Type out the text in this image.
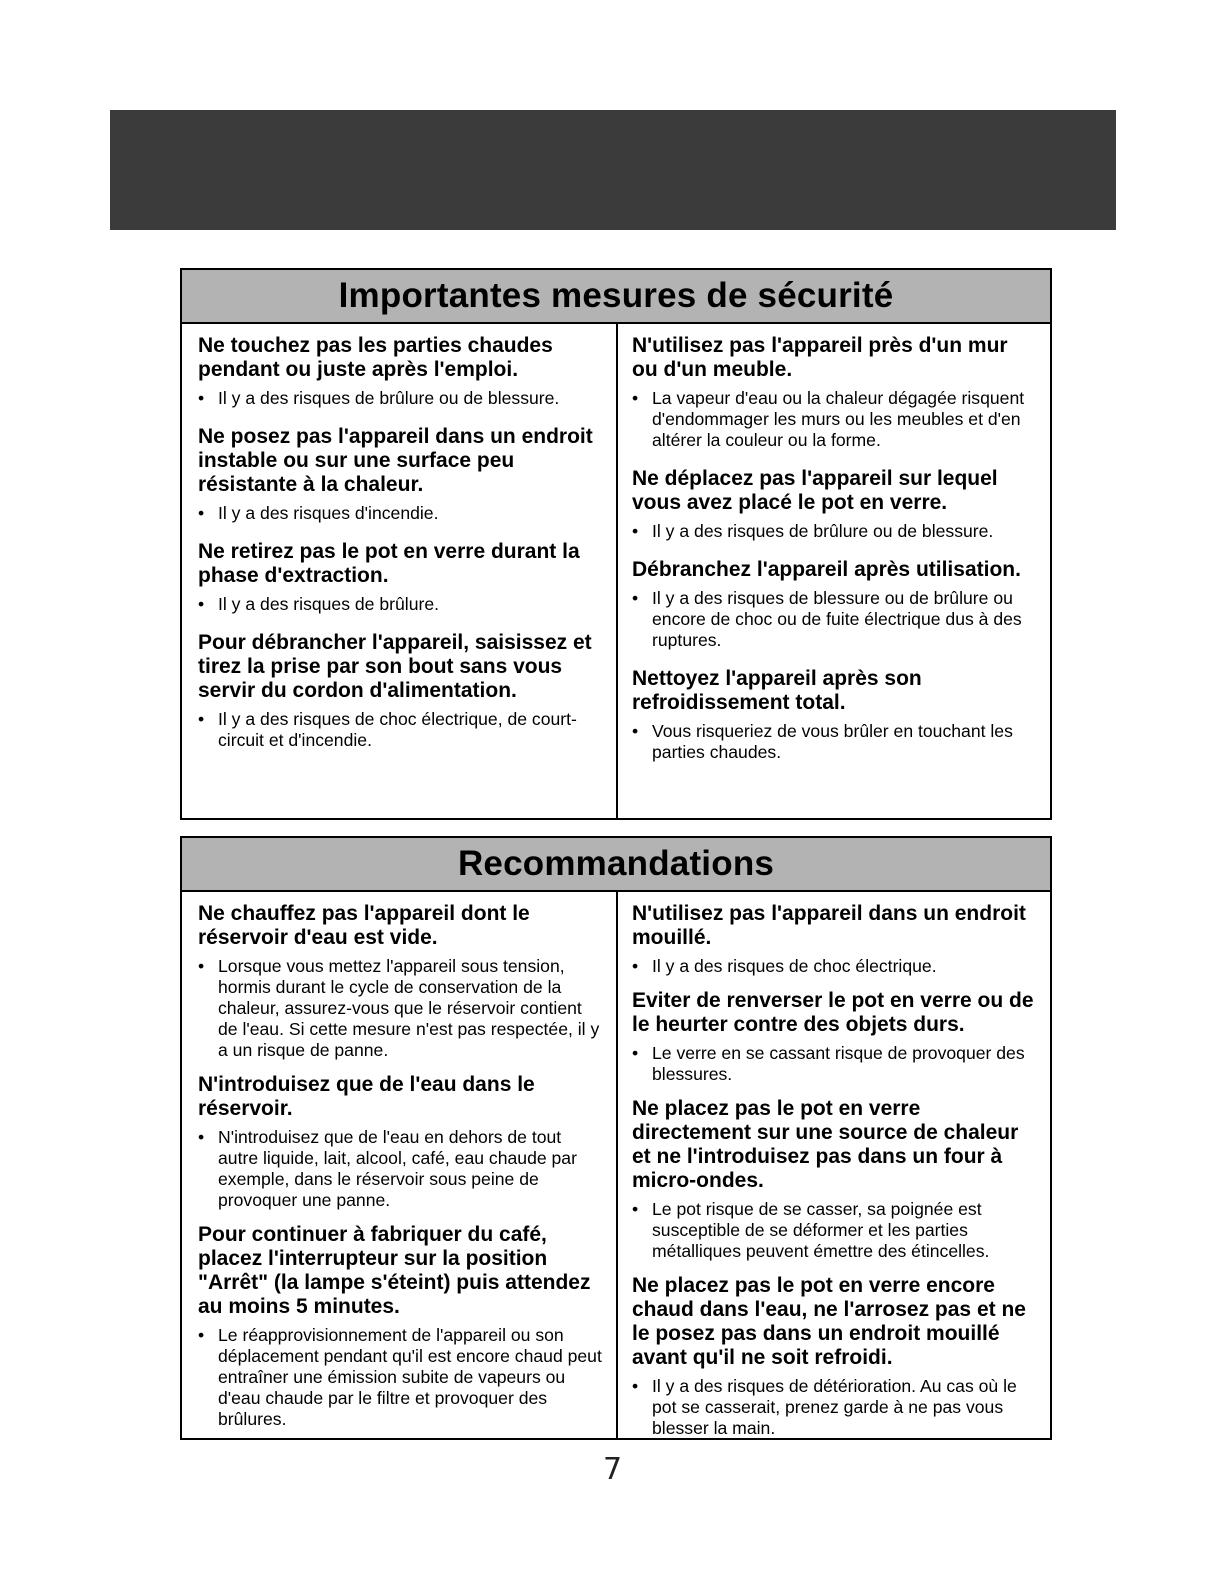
Importantes mesures de sécurité

Ne touchez pas les parties chaudes pendant ou juste après l'emploi.

• Il y a des risques de brûlure ou de blessure.

Ne posez pas l'appareil dans un endroit instable ou sur une surface peu résistante à la chaleur.

• Il y a des risques d'incendie.

Ne retirez pas le pot en verre durant la phase d'extraction.

• Il y a des risques de brûlure.

Pour débrancher l'appareil, saisissez et tirez la prise par son bout sans vous servir du cordon d'alimentation.

• Il y a des risques de choc électrique, de court-circuit et d'incendie.

N'utilisez pas l'appareil près d'un mur ou d'un meuble.

• La vapeur d'eau ou la chaleur dégagée risquent d'endommager les murs ou les meubles et d'en altérer la couleur ou la forme.

Ne déplacez pas l'appareil sur lequel vous avez placé le pot en verre.

• Il y a des risques de brûlure ou de blessure.

Débranchez l'appareil après utilisation.

• Il y a des risques de blessure ou de brûlure ou encore de choc ou de fuite électrique dus à des ruptures.

Nettoyez l'appareil après son refroidissement total.

• Vous risqueriez de vous brûler en touchant les parties chaudes.
Recommandations

Ne chauffez pas l'appareil dont le réservoir d'eau est vide.

• Lorsque vous mettez l'appareil sous tension, hormis durant le cycle de conservation de la chaleur, assurez-vous que le réservoir contient de l'eau. Si cette mesure n'est pas respectée, il y a un risque de panne.

N'introduisez que de l'eau dans le réservoir.

• N'introduisez que de l'eau en dehors de tout autre liquide, lait, alcool, café, eau chaude par exemple, dans le réservoir sous peine de provoquer une panne.

Pour continuer à fabriquer du café, placez l'interrupteur sur la position "Arrêt" (la lampe s'éteint) puis attendez au moins 5 minutes.

• Le réapprovisionnement de l'appareil ou son déplacement pendant qu'il est encore chaud peut entraîner une émission subite de vapeurs ou d'eau chaude par le filtre et provoquer des brûlures.

N'utilisez pas l'appareil dans un endroit mouillé.

• Il y a des risques de choc électrique.

Eviter de renverser le pot en verre ou de le heurter contre des objets durs.

• Le verre en se cassant risque de provoquer des blessures.

Ne placez pas le pot en verre directement sur une source de chaleur et ne l'introduisez pas dans un four à micro-ondes.

• Le pot risque de se casser, sa poignée est susceptible de se déformer et les parties métalliques peuvent émettre des étincelles.

Ne placez pas le pot en verre encore chaud dans l'eau, ne l'arrosez pas et ne le posez pas dans un endroit mouillé avant qu'il ne soit refroidi.

• Il y a des risques de détérioration. Au cas où le pot se casserait, prenez garde à ne pas vous blesser la main.
7
